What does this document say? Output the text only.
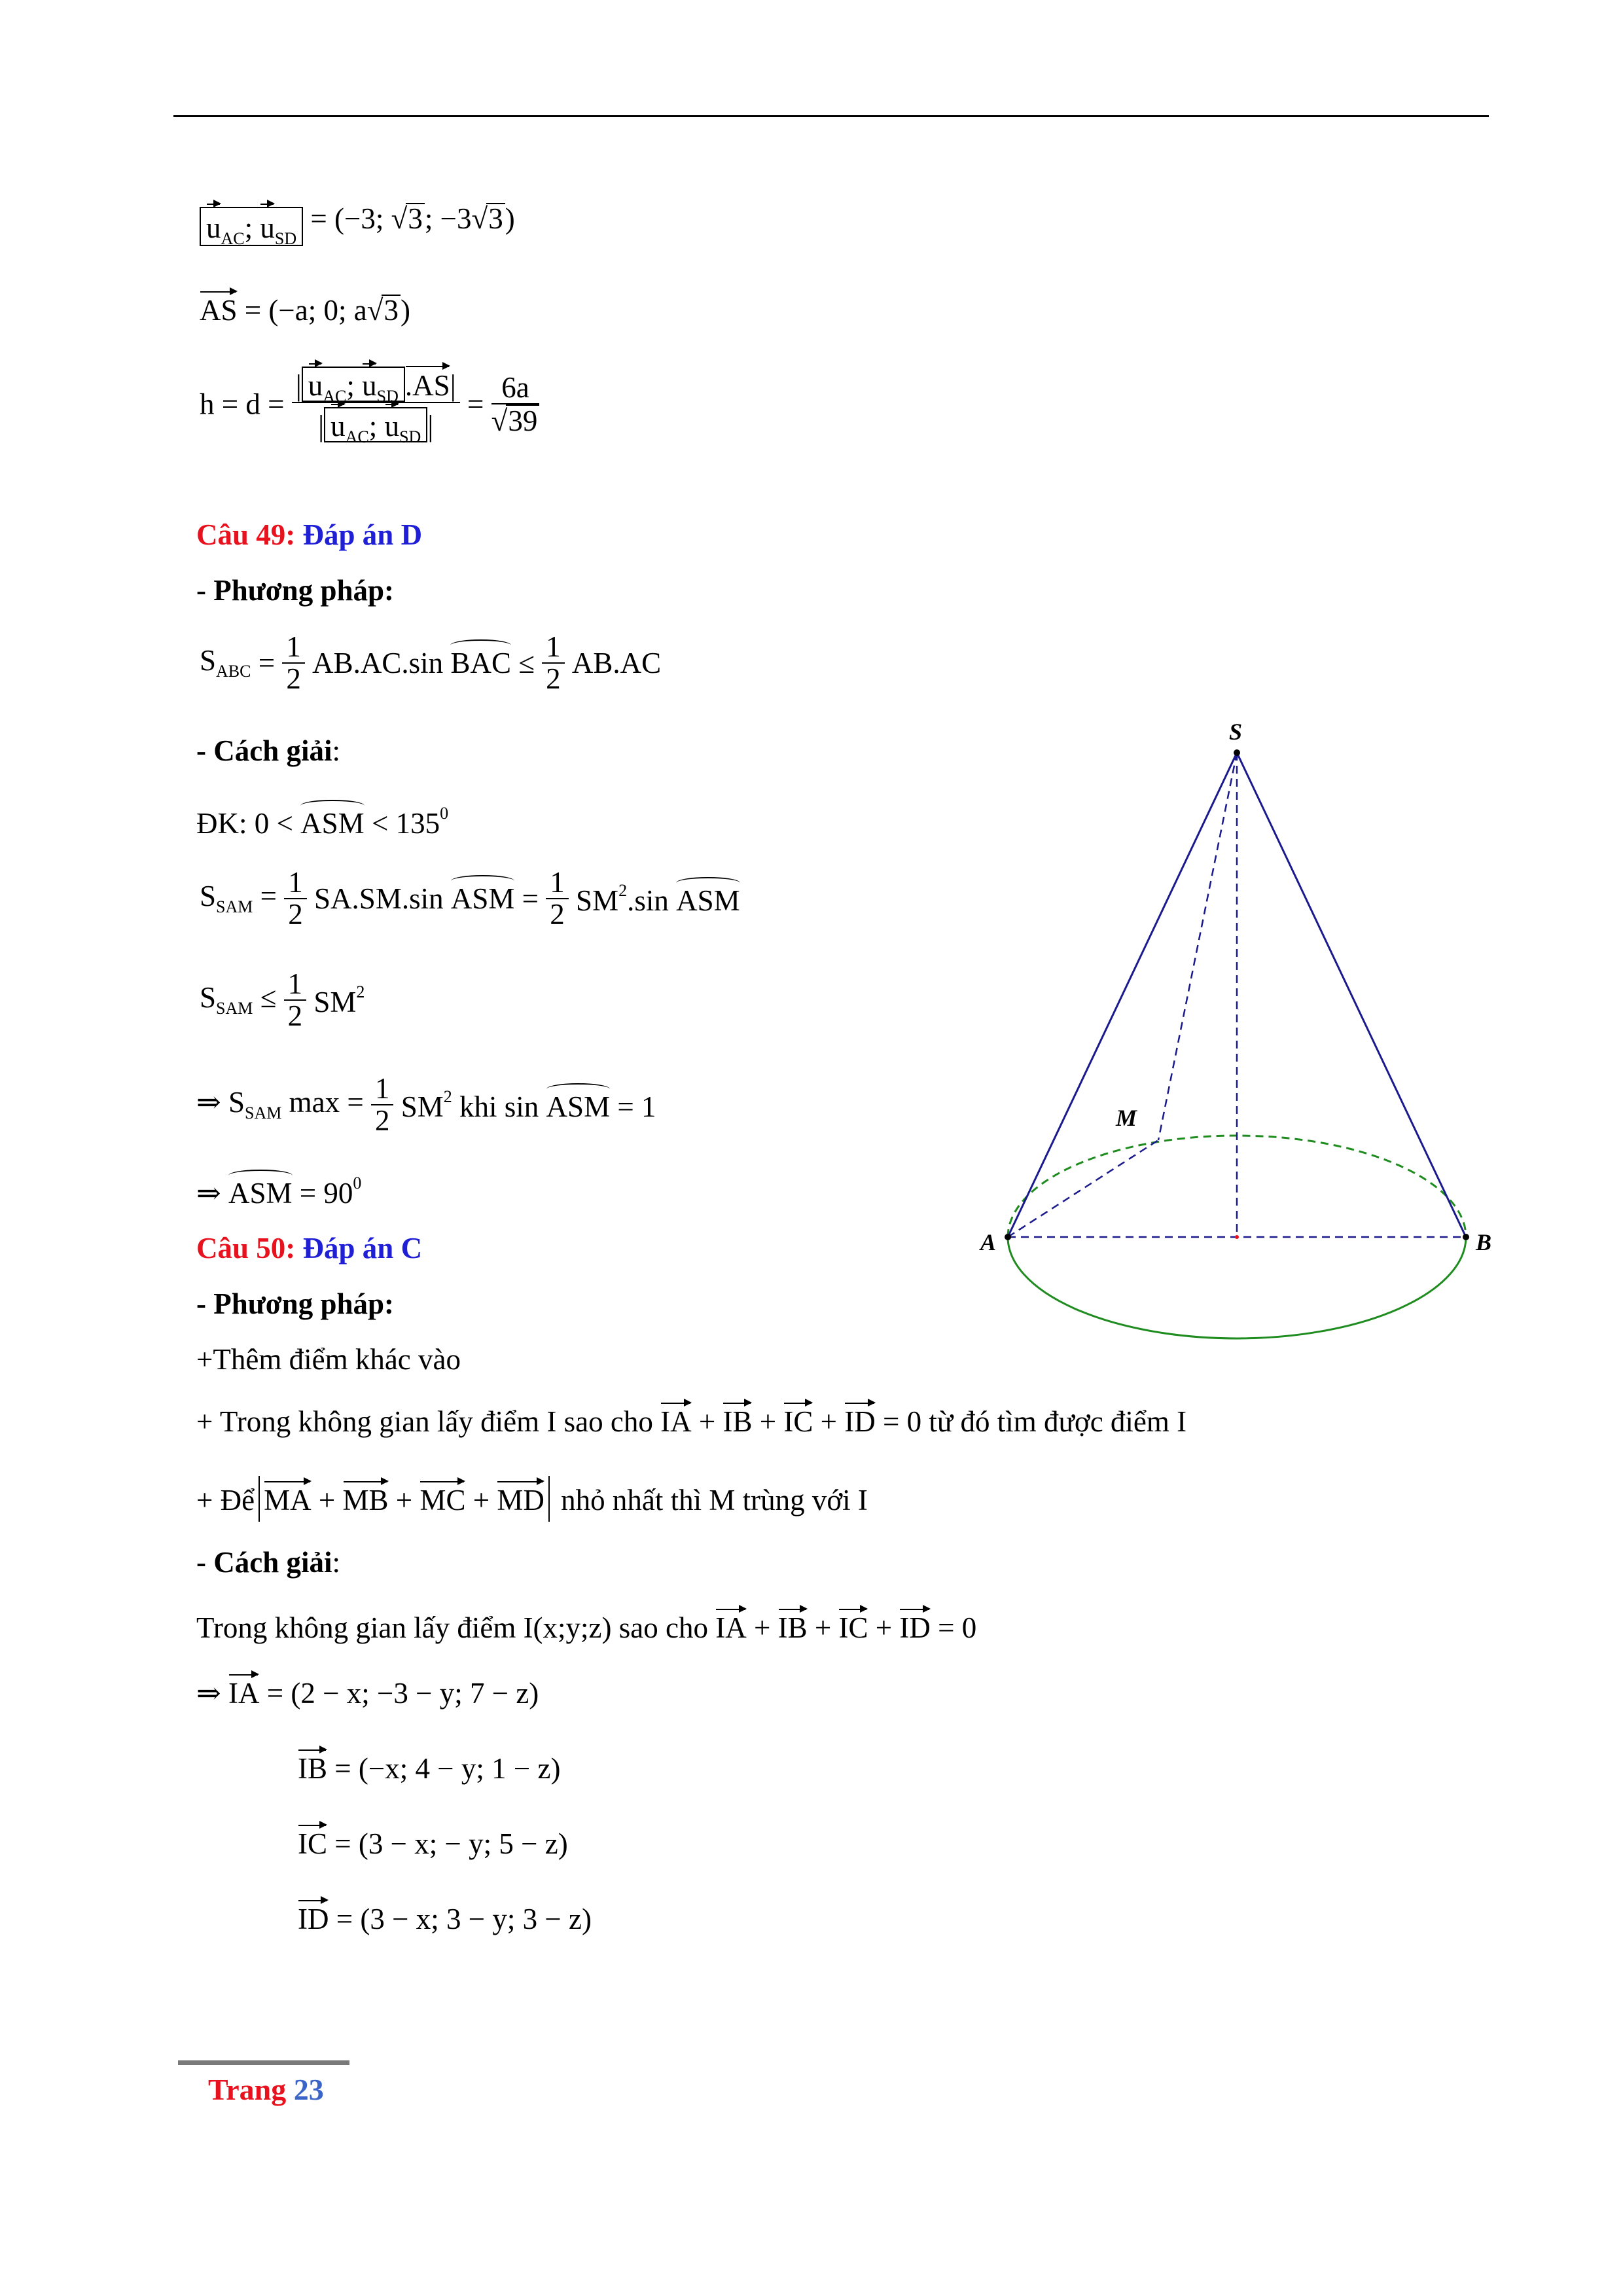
$u_{AC}$; $u_{SD} = (-3$; √3; −3√3)
AS = (−a; 0; a√3)
$h = d = \frac{| u_{AC}; u_{SD} .AS|}{| u_{AC}; u_{SD} |} = \frac{6a}{√39}$
Câu 49: Đáp án D
- Phương pháp:
$S_{ABC} = \frac{1}{2} AB.AC.\sin$ BAC ≤ $\frac{1}{2} AB.AC$
- Cách giải:
ĐK: 0 < ASM < $135^0$
$S_{SAM} = \frac{1}{2} SA.SM.\sin$ ASM = $\frac{1}{2} SM^2.\sin$ ASM
$S_{SAM} \le \frac{1}{2} SM^2$
⇒ $S_{SAM}$ $\max = \frac{1}{2} SM^2$ khi sin ASM = 1
⇒ ASM = $90^0$
S
M
A	B
Câu 50: Đáp án C
- Phương pháp:
+Thêm điểm khác vào
+ Trong không gian lấy điểm I sao cho IA + IB + IC + ID = 0 từ đó tìm được điểm I
+ Để MA + MB + MC + MD nhỏ nhất thì M trùng với I
- Cách giải:
Trong không gian lấy điểm I(x;y;z) sao cho IA + IB + IC + ID = 0
⇒ IA = (2 − x; −3 − y; 7 − z)
IB = (−x; 4 − y; 1 − z)
IC = (3 − x; − y; 5 − z)
ID = (3 − x; 3 − y; 3 − z)
Trang 23
